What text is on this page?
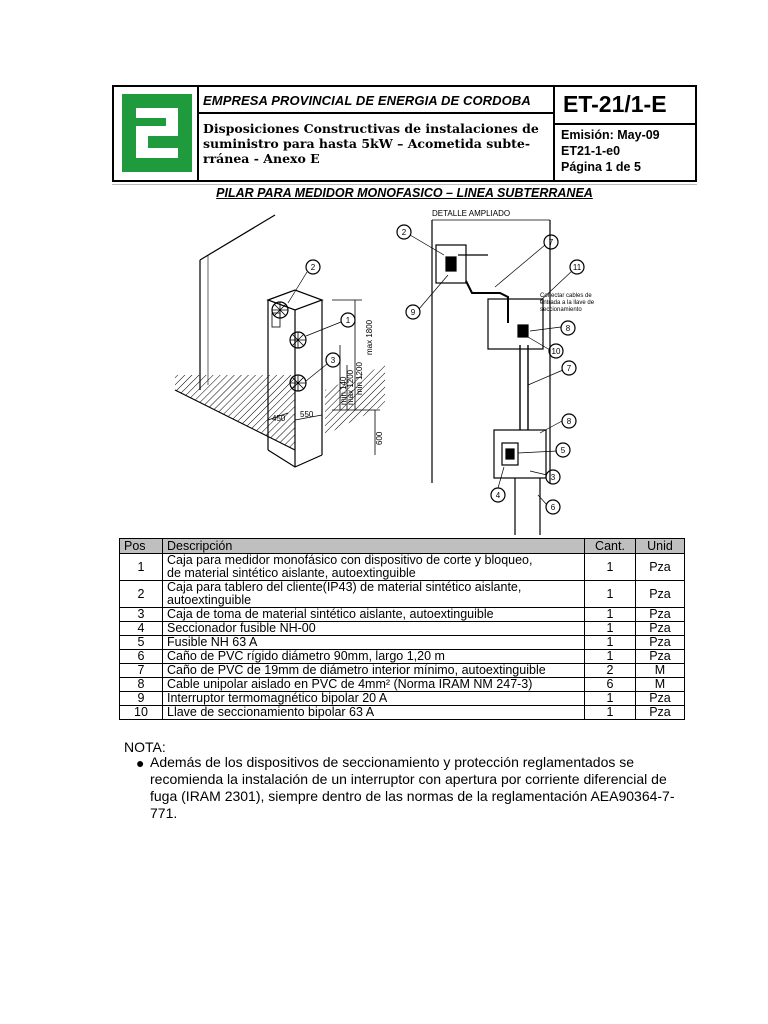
EMPRESA PROVINCIAL DE ENERGIA DE CORDOBA
Disposiciones Constructivas de instalaciones de
suministro para hasta 5kW – Acometida subte-
rránea - Anexo E
ET-21/1-E
Emisión: May-09
ET21-1-e0
Página 1 de 5
PILAR PARA MEDIDOR MONOFASICO – LINEA SUBTERRANEA
2
1
3
max 1800
min 1200
min 140
max 1200
450 550
600
DETALLE AMPLIADO
2
7
11
9
8
10
7
8
5
3
4
6
Conectar cables de
entrada a la llave de
seccionamiento
Pos	Descripción	Cant.	Unid
1	Caja para medidor monofásico con dispositivo de corte y bloqueo,
de material sintético aislante, autoextinguible	1	Pza
2	Caja para tablero del cliente(IP43) de material sintético aislante,
autoextinguible	1	Pza
3	Caja de toma de material sintético aislante, autoextinguible	1	Pza
4	Seccionador fusible NH-00	1	Pza
5	Fusible NH 63 A	1	Pza
6	Caño de PVC rígido diámetro 90mm, largo 1,20 m	1	Pza
7	Caño de PVC de 19mm de diámetro interior mínimo, autoextinguible	2	M
8	Cable unipolar aislado en PVC de 4mm² (Norma IRAM NM 247-3)	6	M
9	Interruptor termomagnético bipolar 20 A	1	Pza
10	Llave de seccionamiento bipolar 63 A	1	Pza
NOTA:
● Además de los dispositivos de seccionamiento y protección reglamentados se recomienda la instalación de un interruptor con apertura por corriente diferencial de fuga (IRAM 2301), siempre dentro de las normas de la reglamentación AEA90364-7-771.
